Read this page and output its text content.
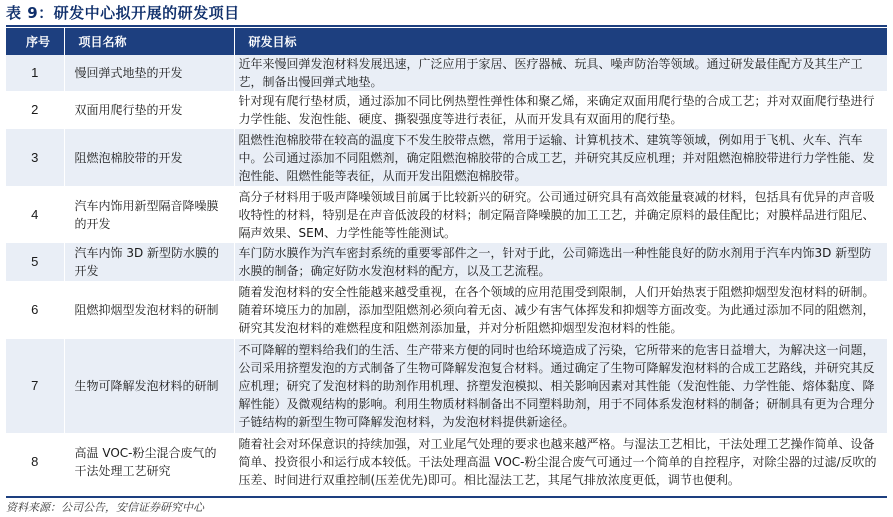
表 9：研发中心拟开展的研发项目
序号	项目名称	研发目标
1	慢回弹式地垫的开发	近年来慢回弹发泡材料发展迅速，广泛应用于家居、医疗器械、玩具、噪声防治等领域。通过研发最佳配方及其生产工艺，制备出慢回弹式地垫。
2	双面用爬行垫的开发	针对现有爬行垫材质，通过添加不同比例热塑性弹性体和聚乙烯，来确定双面用爬行垫的合成工艺；并对双面爬行垫进行力学性能、发泡性能、硬度、撕裂强度等进行表征，从而开发具有双面用的爬行垫。
3	阻燃泡棉胶带的开发	阻燃性泡棉胶带在较高的温度下不发生胶带点燃，常用于运输、计算机技术、建筑等领域，例如用于飞机、火车、汽车中。公司通过添加不同阻燃剂，确定阻燃泡棉胶带的合成工艺，并研究其反应机理；并对阻燃泡棉胶带进行力学性能、发泡性能、阻燃性能等表征，从而开发出阻燃泡棉胶带。
4	汽车内饰用新型隔音降噪膜的开发	高分子材料用于吸声降噪领域目前属于比较新兴的研究。公司通过研究具有高效能量衰减的材料，包括具有优异的声音吸收特性的材料，特别是在声音低波段的材料；制定隔音降噪膜的加工工艺，并确定原料的最佳配比；对膜样品进行阻尼、隔声效果、SEM、力学性能等性能测试。
5	汽车内饰 3D 新型防水膜的开发	车门防水膜作为汽车密封系统的重要零部件之一，针对于此，公司筛选出一种性能良好的防水剂用于汽车内饰3D 新型防水膜的制备；确定好防水发泡材料的配方，以及工艺流程。
6	阻燃抑烟型发泡材料的研制	随着发泡材料的安全性能越来越受重视，在各个领域的应用范围受到限制，人们开始热衷于阻燃抑烟型发泡材料的研制。随着环境压力的加剧，添加型阻燃剂必须向着无卤、减少有害气体挥发和抑烟等方面改变。为此通过添加不同的阻燃剂，研究其发泡材料的难燃程度和阻燃剂添加量，并对分析阻燃抑烟型发泡材料的性能。
7	生物可降解发泡材料的研制	不可降解的塑料给我们的生活、生产带来方便的同时也给环境造成了污染，它所带来的危害日益增大，为解决这一问题，公司采用挤塑发泡的方式制备了生物可降解发泡复合材料。通过确定了生物可降解发泡材料的合成工艺路线，并研究其反应机理；研究了发泡材料的助剂作用机理、挤塑发泡模拟、相关影响因素对其性能（发泡性能、力学性能、熔体黏度、降解性能）及微观结构的影响。利用生物质材料制备出不同塑料助剂，用于不同体系发泡材料的制备；研制具有更为合理分子链结构的新型生物可降解发泡材料，为发泡材料提供新途径。
8	高温 VOC-粉尘混合废气的干法处理工艺研究	随着社会对环保意识的持续加强，对工业尾气处理的要求也越来越严格。与湿法工艺相比，干法处理工艺操作简单、设备简单、投资很小和运行成本较低。干法处理高温 VOC-粉尘混合废气可通过一个简单的自控程序，对除尘器的过滤/反吹的压差、时间进行双重控制(压差优先)即可。相比湿法工艺，其尾气排放浓度更低，调节也便利。
资料来源：公司公告，安信证券研究中心
